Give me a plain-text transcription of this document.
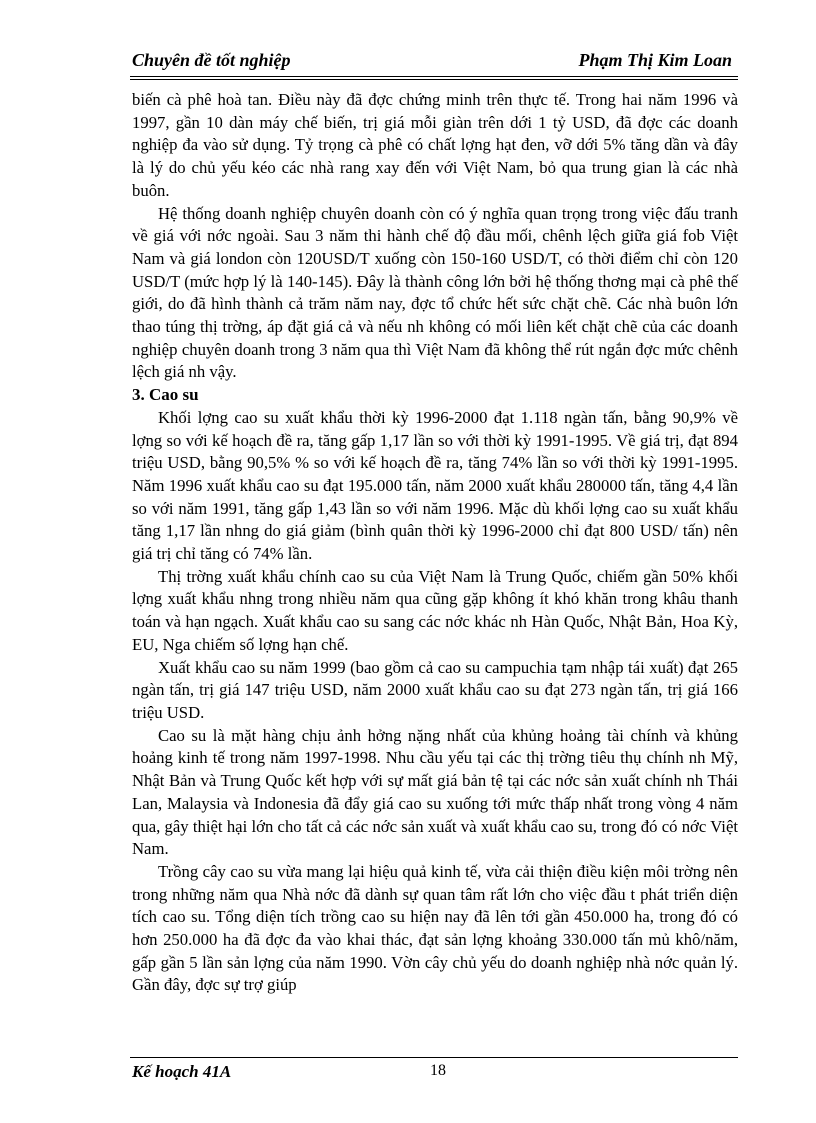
Chuyên đề tốt nghiệp	Phạm Thị Kim Loan

biến cà phê hoà tan. Điều này đã đợc chứng minh trên thực tế. Trong hai năm 1996 và 1997, gần 10 dàn máy chế biến, trị giá mỗi giàn trên dới 1 tỷ USD, đã đợc các doanh nghiệp đa vào sử dụng. Tỷ trọng cà phê có chất lợng hạt đen, vỡ dới 5% tăng dần và đây là lý do chủ yếu kéo các nhà rang xay đến với Việt Nam, bỏ qua trung gian là các nhà buôn.

Hệ thống doanh nghiệp chuyên doanh còn có ý nghĩa quan trọng trong việc đấu tranh về giá với nớc ngoài. Sau 3 năm thi hành chế độ đầu mối, chênh lệch giữa giá fob Việt Nam và giá london còn 120USD/T xuống còn 150-160 USD/T, có thời điểm chỉ còn 120 USD/T (mức hợp lý là 140-145). Đây là thành công lớn bởi hệ thống thơng mại cà phê thế giới, do đã hình thành cả trăm năm nay, đợc tổ chức hết sức chặt chẽ. Các nhà buôn lớn thao túng thị trờng, áp đặt giá cả và nếu nh không có mối liên kết chặt chẽ của các doanh nghiệp chuyên doanh trong 3 năm qua thì Việt Nam đã không thể rút ngắn đợc mức chênh lệch giá nh vậy.

3. Cao su

Khối lợng cao su xuất khẩu thời kỳ 1996-2000 đạt 1.118 ngàn tấn, bằng 90,9% về lợng so với kế hoạch đề ra, tăng gấp 1,17 lần so với thời kỳ 1991-1995. Về giá trị, đạt 894 triệu USD, bằng 90,5% % so với kế hoạch đề ra, tăng 74% lần so với thời kỳ 1991-1995. Năm 1996 xuất khẩu cao su đạt 195.000 tấn, năm 2000 xuất khẩu 280000 tấn, tăng 4,4 lần so với năm 1991, tăng gấp 1,43 lần so với năm 1996. Mặc dù khối lợng cao su xuất khẩu tăng 1,17 lần nhng do giá giảm (bình quân thời kỳ 1996-2000 chỉ đạt 800 USD/ tấn) nên giá trị chỉ tăng có 74% lần.

Thị trờng xuất khẩu chính cao su của Việt Nam là Trung Quốc, chiếm gần 50% khối lợng xuất khẩu nhng trong nhiều năm qua cũng gặp không ít khó khăn trong khâu thanh toán và hạn ngạch. Xuất khẩu cao su sang các nớc khác nh Hàn Quốc, Nhật Bản, Hoa Kỳ, EU, Nga chiếm số lợng hạn chế.

Xuất khẩu cao su năm 1999 (bao gồm cả cao su campuchia tạm nhập tái xuất) đạt 265 ngàn tấn, trị giá 147 triệu USD, năm 2000 xuất khẩu cao su đạt 273 ngàn tấn, trị giá 166 triệu USD.

Cao su là mặt hàng chịu ảnh hởng nặng nhất của khủng hoảng tài chính và khủng hoảng kinh tế trong năm 1997-1998. Nhu cầu yếu tại các thị trờng tiêu thụ chính nh Mỹ, Nhật Bản và Trung Quốc kết hợp với sự mất giá bản tệ tại các nớc sản xuất chính nh Thái Lan, Malaysia và Indonesia đã đẩy giá cao su xuống tới mức thấp nhất trong vòng 4 năm qua, gây thiệt hại lớn cho tất cả các nớc sản xuất và xuất khẩu cao su, trong đó có nớc Việt Nam.

Trồng cây cao su vừa mang lại hiệu quả kinh tế, vừa cải thiện điều kiện môi trờng nên trong những năm qua Nhà nớc đã dành sự quan tâm rất lớn cho việc đầu t phát triển diện tích cao su. Tổng diện tích trồng cao su hiện nay đã lên tới gần 450.000 ha, trong đó có hơn 250.000 ha đã đợc đa vào khai thác, đạt sản lợng khoảng 330.000 tấn mủ khô/năm, gấp gần 5 lần sản lợng của năm 1990. Vờn cây chủ yếu do doanh nghiệp nhà nớc quản lý. Gần đây, đợc sự trợ giúp

Kế hoạch 41A	18
